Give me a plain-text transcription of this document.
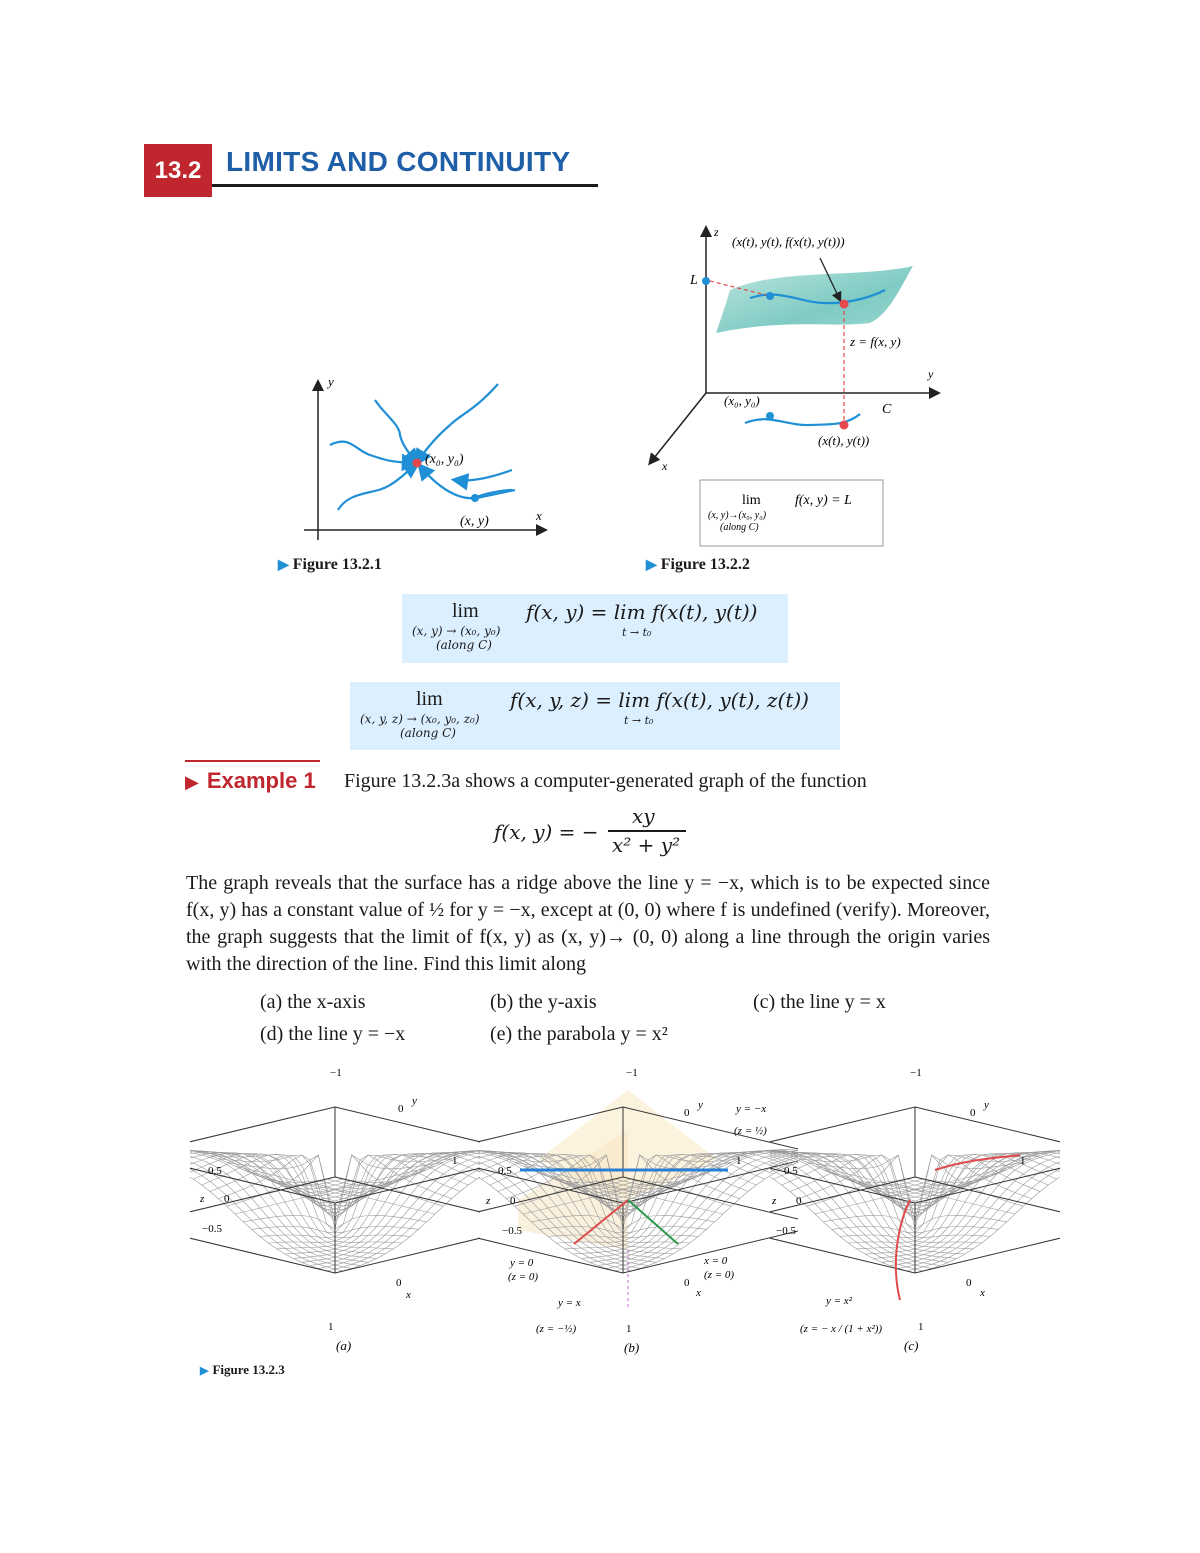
13.2 LIMITS AND CONTINUITY
y
x
(x₀, y₀)
(x, y)
▶ Figure 13.2.1
z
y
x
L
(x(t), y(t), f(x(t), y(t)))
z = f(x, y)
(x₀, y₀)
C
(x(t), y(t))
lim
(x, y)→(x₀, y₀)
(along C)
f(x, y) = L
▶ Figure 13.2.2
lim
(x, y) → (x₀, y₀)
(along C)
f(x, y) = lim f(x(t), y(t))
t → t₀
lim
(x, y, z) → (x₀, y₀, z₀)
(along C)
f(x, y, z) = lim f(x(t), y(t), z(t))
t → t₀
▶ Example 1 Figure 13.2.3a shows a computer-generated graph of the function
f(x, y) = −
xy
x² + y²
The graph reveals that the surface has a ridge above the line y = −x, which is to be expected since f(x, y) has a constant value of ½ for y = −x, except at (0, 0) where f is undefined (verify). Moreover, the graph suggests that the limit of f(x, y) as (x, y)→ (0, 0) along a line through the origin varies with the direction of the line. Find this limit along
(a) the x-axis	(b) the y-axis	(c) the line y = x
(d) the line y = −x	(e) the parabola y = x²
−1
0
y
1
0.5
z 0
−0.5
0
x
1
(a)
−1
0
y
1
0.5
z 0
−0.5
0
x
1
y = −x
(z = ½)
y = 0
(z = 0)
x = 0
(z = 0)
y = x
(z = −½)
(b)
−1
0
y
1
0.5
z 0
−0.5
0
x
1
y = x²
(z = − x / (1 + x²))
(c)
▶ Figure 13.2.3
